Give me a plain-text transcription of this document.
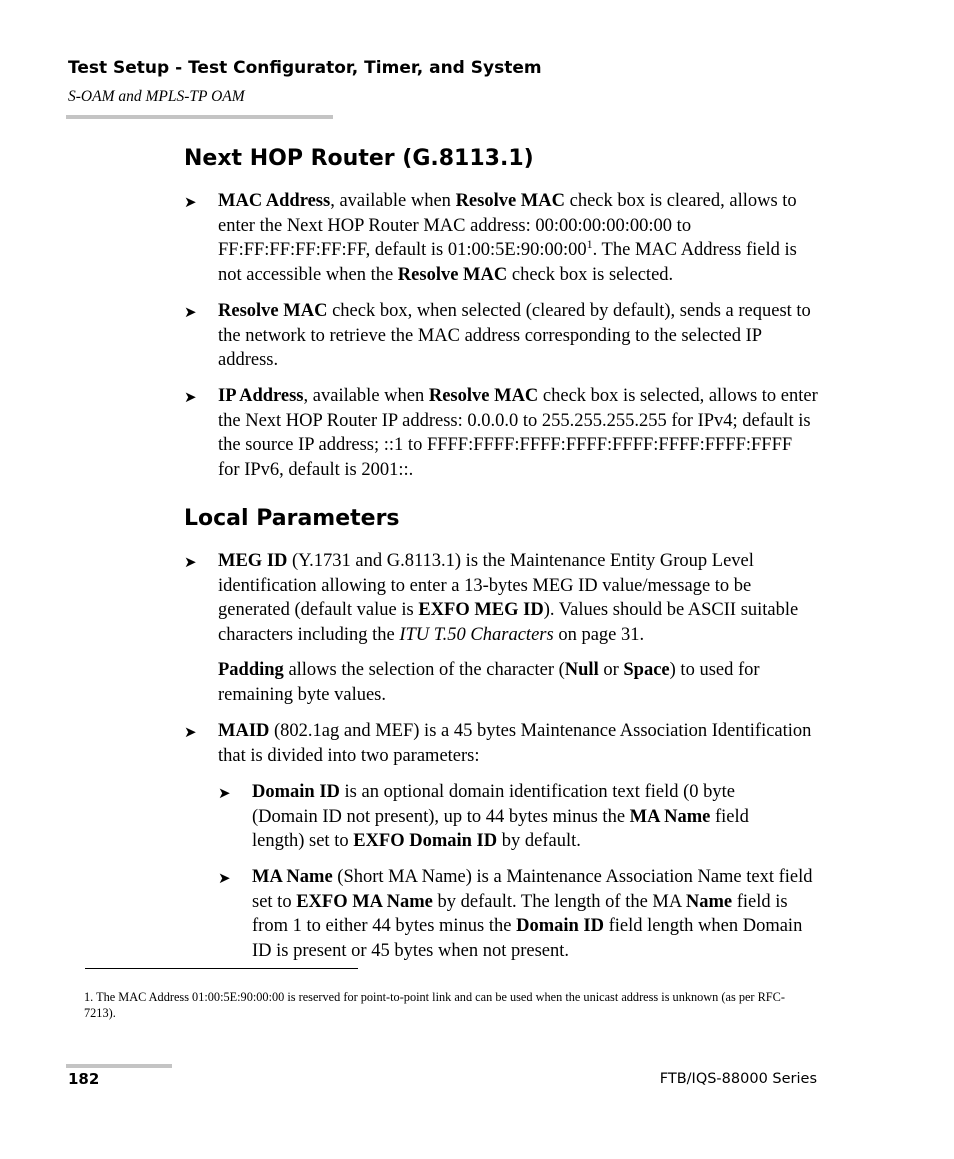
Test Setup - Test Configurator, Timer, and System
S-OAM and MPLS-TP OAM
Next HOP Router (G.8113.1)
➤ MAC Address, available when Resolve MAC check box is cleared, allows to enter the Next HOP Router MAC address: 00:00:00:00:00:00 to FF:FF:FF:FF:FF:FF, default is $01:00:5E:90:00:00^1$. The MAC Address field is not accessible when the Resolve MAC check box is selected.
➤ Resolve MAC check box, when selected (cleared by default), sends a request to the network to retrieve the MAC address corresponding to the selected IP address.
➤ IP Address, available when Resolve MAC check box is selected, allows to enter the Next HOP Router IP address: 0.0.0.0 to 255.255.255.255 for IPv4; default is the source IP address; ::1 to FFFF:FFFF:FFFF:FFFF:FFFF:FFFF:FFFF:FFFF for IPv6, default is 2001::.
Local Parameters
➤ MEG ID (Y.1731 and G.8113.1) is the Maintenance Entity Group Level identification allowing to enter a 13-bytes MEG ID value/message to be generated (default value is EXFO MEG ID). Values should be ASCII suitable characters including the ITU T.50 Characters on page 31.
Padding allows the selection of the character (Null or Space) to used for remaining byte values.
➤ MAID (802.1ag and MEF) is a 45 bytes Maintenance Association Identification that is divided into two parameters:
➤ Domain ID is an optional domain identification text field (0 byte (Domain ID not present), up to 44 bytes minus the MA Name field length) set to EXFO Domain ID by default.
➤ MA Name (Short MA Name) is a Maintenance Association Name text field set to EXFO MA Name by default. The length of the MA Name field is from 1 to either 44 bytes minus the Domain ID field length when Domain ID is present or 45 bytes when not present.
1. The MAC Address 01:00:5E:90:00:00 is reserved for point-to-point link and can be used when the unicast address is unknown (as per RFC-7213).
182	FTB/IQS-88000 Series
